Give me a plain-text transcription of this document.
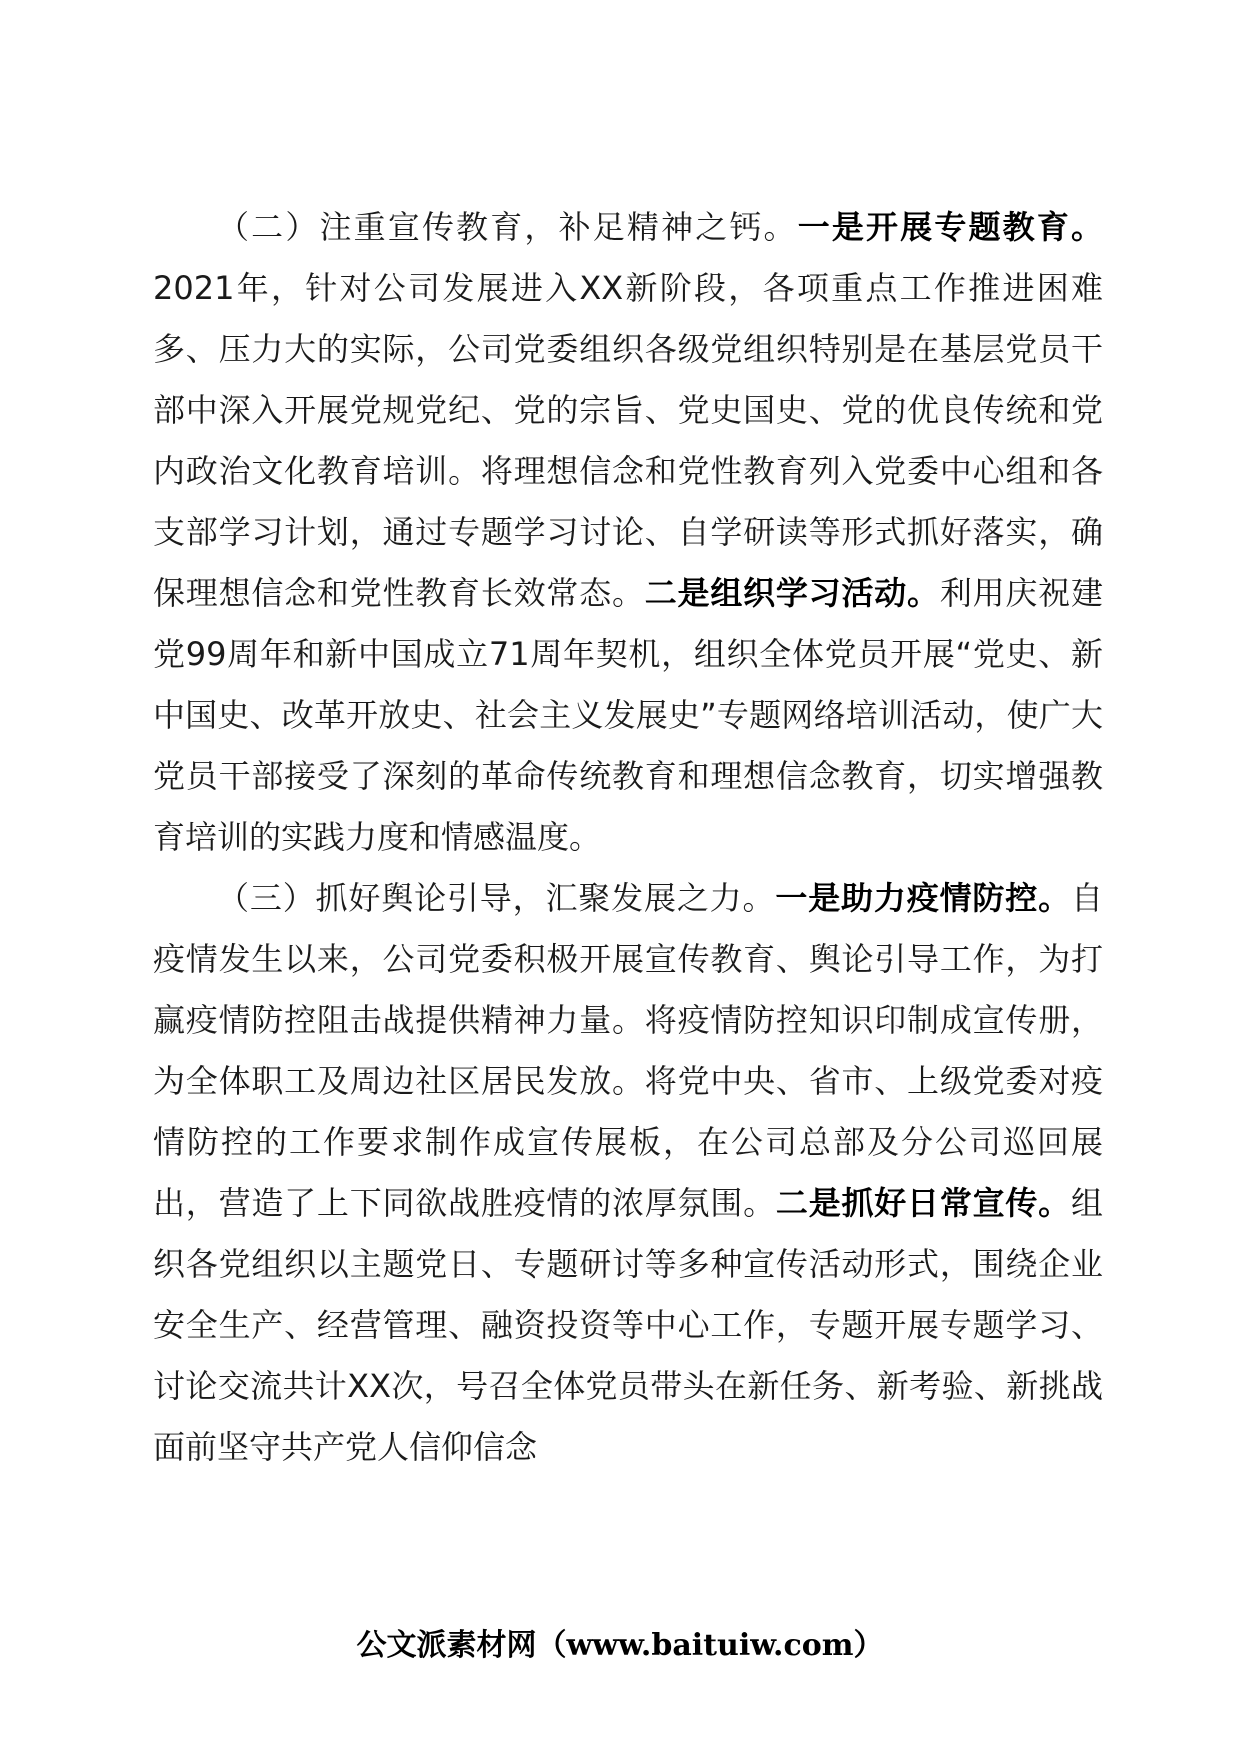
（二）注重宣传教育，补足精神之钙。一是开展专题教育。2021年，针对公司发展进入XX新阶段，各项重点工作推进困难多、压力大的实际，公司党委组织各级党组织特别是在基层党员干部中深入开展党规党纪、党的宗旨、党史国史、党的优良传统和党内政治文化教育培训。将理想信念和党性教育列入党委中心组和各支部学习计划，通过专题学习讨论、自学研读等形式抓好落实，确保理想信念和党性教育长效常态。二是组织学习活动。利用庆祝建党99周年和新中国成立71周年契机，组织全体党员开展“党史、新中国史、改革开放史、社会主义发展史”专题网络培训活动，使广大党员干部接受了深刻的革命传统教育和理想信念教育，切实增强教育培训的实践力度和情感温度。

（三）抓好舆论引导，汇聚发展之力。一是助力疫情防控。自疫情发生以来，公司党委积极开展宣传教育、舆论引导工作，为打赢疫情防控阻击战提供精神力量。将疫情防控知识印制成宣传册，为全体职工及周边社区居民发放。将党中央、省市、上级党委对疫情防控的工作要求制作成宣传展板，在公司总部及分公司巡回展出，营造了上下同欲战胜疫情的浓厚氛围。二是抓好日常宣传。组织各党组织以主题党日、专题研讨等多种宣传活动形式，围绕企业安全生产、经营管理、融资投资等中心工作，专题开展专题学习、讨论交流共计XX次，号召全体党员带头在新任务、新考验、新挑战面前坚守共产党人信仰信念

公文派素材网（www.baituiw.com）
